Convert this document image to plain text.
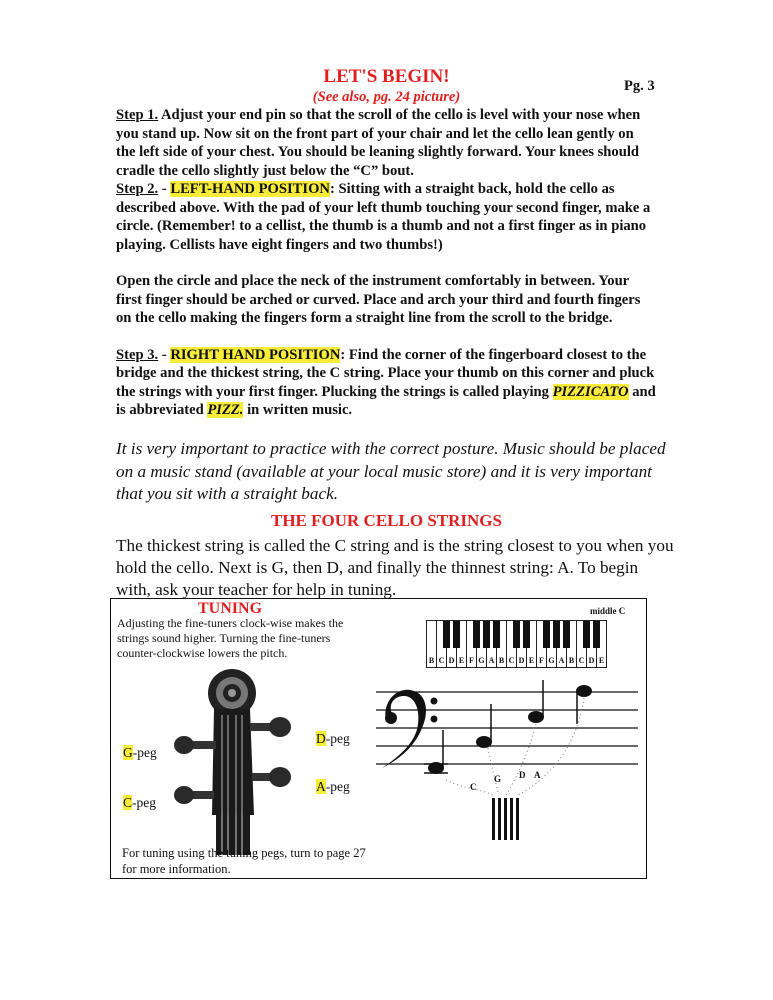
LET'S BEGIN!
(See also, pg. 24 picture)
Pg. 3

Step 1. Adjust your end pin so that the scroll of the cello is level with your nose when you stand up. Now sit on the front part of your chair and let the cello lean gently on the left side of your chest. You should be leaning slightly forward. Your knees should cradle the cello slightly just below the “C” bout.

Step 2. - LEFT-HAND POSITION: Sitting with a straight back, hold the cello as described above. With the pad of your left thumb touching your second finger, make a circle. (Remember! to a cellist, the thumb is a thumb and not a first finger as in piano playing. Cellists have eight fingers and two thumbs!)

Open the circle and place the neck of the instrument comfortably in between. Your first finger should be arched or curved. Place and arch your third and fourth fingers on the cello making the fingers form a straight line from the scroll to the bridge.

Step 3. - RIGHT HAND POSITION: Find the corner of the fingerboard closest to the bridge and the thickest string, the C string. Place your thumb on this corner and pluck the strings with your first finger. Plucking the strings is called playing PIZZICATO and is abbreviated PIZZ. in written music.

It is very important to practice with the correct posture. Music should be placed on a music stand (available at your local music store) and it is very important that you sit with a straight back.
THE FOUR CELLO STRINGS
The thickest string is called the C string and is the string closest to you when you hold the cello. Next is G, then D, and finally the thinnest string: A. To begin with, ask your teacher for help in tuning.
TUNING
Adjusting the fine-tuners clock-wise makes the strings sound higher. Turning the fine-tuners counter-clockwise lowers the pitch.
G-peg
C-peg
D-peg
A-peg
For tuning using the tuning pegs, turn to page 27 for more information.
middle C
B C D E F G A B C D E F G A B C D E
C
G D A
